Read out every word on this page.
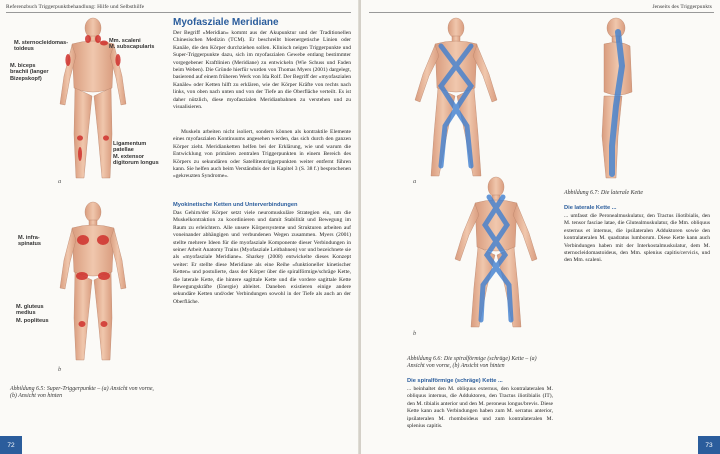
Referenzbuch Triggerpunktbehandlung: Hilfe und Selbsthilfe
M. sternocleidomas-
toideus
Mm. scaleni
M. subscapularis
M. biceps
brachii (langer
Bizepskopf)
Ligamentum
patellae
M. extensor
digitorum longus
a
M. infra-
spinatus
M. gluteus
medius
M. popliteus
b
Abbildung 6.5: Super-Triggerpunkte – (a) Ansicht von vorne, (b) Ansicht von hinten
Myofasziale Meridiane
Der Begriff »Meridian« kommt aus der Akupunktur und der Traditionellen Chinesischen Medizin (TCM). Er beschreibt bioenergetische Linien oder Kanäle, die den Körper durchziehen sollen. Klinisch neigen Triggerpunkte und Super-Triggerpunkte dazu, sich im myofaszialen Gewebe entlang bestimmter vorgegebener Kraftlinien (Meridiane) zu entwickeln (Wie Schuss und Faden beim Weben). Die Gründe hierfür wurden von Thomas Myers (2001) dargelegt, basierend auf einem früheren Werk von Ida Rolf. Der Begriff der »myofaszialen Kanäle« oder Ketten hilft zu erklären, wie der Körper Kräfte von rechts nach links, von oben nach unten und von der Tiefe an die Oberfläche verteilt. Es ist daher nützlich, diese myofaszialen Meridianbahnen zu verstehen und zu visualisieren.
Muskeln arbeiten nicht isoliert, sondern können als kontraktile Elemente eines myofaszialen Kontinuums angesehen werden, das sich durch den ganzen Körper zieht. Meridianketten helfen bei der Erklärung, wie und warum die Entwicklung von primären zentralen Triggerpunkten in einem Bereich des Körpers zu sekundären oder Satellitentriggerpunkten weiter entfernt führen kann. Sie helfen auch beim Verständnis der in Kapitel 3 (S. 38 f.) besprochenen »gekreuzten Syndrome«.
Myokinetische Ketten und Unterverbindungen
Das Gehirn/der Körper setzt viele neuromuskuläre Strategien ein, um die Muskelkontraktion zu koordinieren und damit Stabilität und Bewegung im Raum zu erleichtern. Alle unsere Körpersysteme und Strukturen arbeiten auf voneinander abhängigen und verbundenen Wegen zusammen. Myers (2001) stellte mehrere Ideen für die myofasziale Komponente dieser Verbindungen in seiner Arbeit Anatomy Trains (Myofasziale Leitbahnen) vor und bezeichnete sie als »myofasziale Meridiane«. Sharkey (2008) entwickelte dieses Konzept weiter: Er stellte diese Meridiane als eine Reihe »funktioneller kinetischer Ketten« und postulierte, dass der Körper über die spiralförmige/schräge Kette, die laterale Kette, die hintere sagittale Kette und die vordere sagittale Kette Bewegungskräfte (Energie) ableitet. Daneben existieren einige andere sekundäre Ketten und/oder Verbindungen sowohl in der Tiefe als auch an der Oberfläche.
72
Jenseits des Triggerpunkts
a
Abbildung 6.7: Die laterale Kette
Die laterale Kette ...
... umfasst die Peronealmuskulatur, den Tractus iliotibialis, den M. tensor fasciae latae, die Glutealmuskulatur, die Mm. obliquus externus et internus, die ipsilateralen Adduktoren sowie den kontralateralen M. quadratus lumborum. Diese Kette kann auch Verbindungen haben mit der Interkostalmuskulatur, dem M. sternocleidomastoideus, den Mm. splenius capitis/cervicis, und den Mm. scaleni.
b
Abbildung 6.6: Die spiralförmige (schräge) Kette – (a) Ansicht von vorne, (b) Ansicht von hinten
Die spiralförmige (schräge) Kette ...
... beinhaltet den M. obliquus externus, den kontralateralen M. obliquus internus, die Adduktoren, den Tractus iliotibialis (IT), den M. tibialis anterior und den M. peroneus longus/brevis. Diese Kette kann auch Verbindungen haben zum M. serratus anterior, ipsilateralen M. rhomboideus und zum kontralateralen M. splenius capitis.
73
